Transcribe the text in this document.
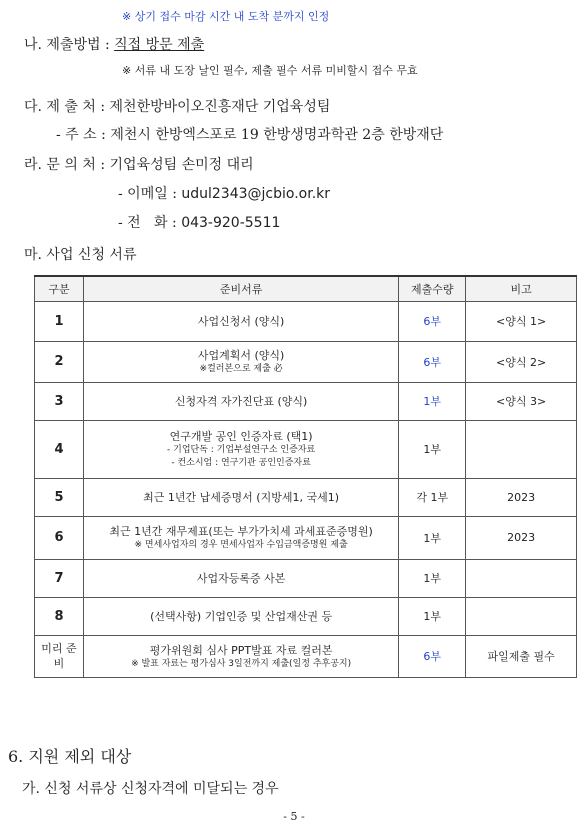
※ 상기 접수 마감 시간 내 도착 분까지 인정
나. 제출방법 : 직접 방문 제출
※ 서류 내 도장 날인 필수, 제출 필수 서류 미비할시 접수 무효
다. 제 출 처 : 제천한방바이오진흥재단 기업육성팀
- 주 소 : 제천시 한방엑스포로 19 한방생명과학관 2층 한방재단
라. 문 의 처 : 기업육성팀 손미정 대리
- 이메일 : udul2343@jcbio.or.kr
- 전   화 : 043-920-5511
마. 사업 신청 서류
구분	준비서류	제출수량	비고
1	사업신청서 (양식)	6부	<양식 1>
2	사업계획서 (양식)
※컬러본으로 제출 必	6부	<양식 2>
3	신청자격 자가진단표 (양식)	1부	<양식 3>
4	연구개발 공인 인증자료 (택1)
- 기업단독 : 기업부설연구소 인증자료
- 컨소시엄 : 연구기관 공인인증자료	1부	
5	최근 1년간 납세증명서 (지방세1, 국세1)	각 1부	2023
6	최근 1년간 재무제표(또는 부가가치세 과세표준증명원)
※ 면세사업자의 경우 면세사업자 수입금액증명원 제출	1부	2023
7	사업자등록증 사본	1부	
8	(선택사항) 기업인증 및 산업재산권 등	1부	
미리 준비	평가위원회 심사 PPT발표 자료 컬러본
※ 발표 자료는 평가심사 3일전까지 제출(일정 추후공지)	6부	파일제출 필수
6. 지원 제외 대상
가. 신청 서류상 신청자격에 미달되는 경우
- 5 -
